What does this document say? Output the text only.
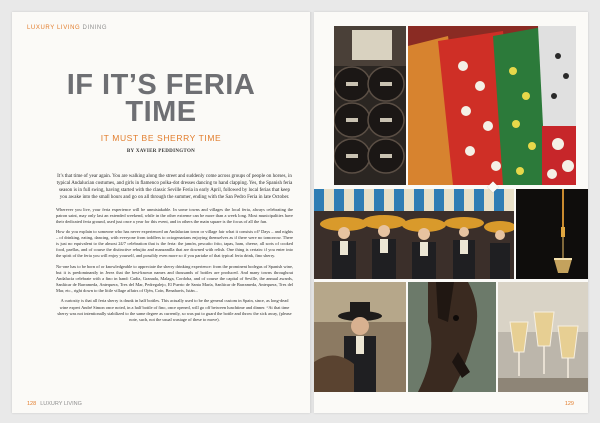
LUXURY LIVING DINING
IF IT’S FERIA
TIME
IT MUST BE SHERRY TIME
BY XAVIER PEDDINGTON

It’s that time of year again. You are walking along the street and suddenly come across groups of people on horses, in typical Andalucian costumes, and girls in flamenco polka-dot dresses dancing to hand clapping. Yes, the Spanish feria season is in full swing, having started with the classic Seville Feria in early April, followed by local ferias that keep you awake into the small hours and go on all through the summer, ending with the San Pedro Feria in late October.

Wherever you live, your feria experience will be unmistakable. In some towns and villages the local feria, always celebrating the patron saint, may only last an extended weekend, while in the other extreme can be more than a week long. Most municipalities have their dedicated feria ground, used just once a year for this event, and in others the main square is the focus of all the fun.

How do you explain to someone who has never experienced an Andalucian town or village fair what it consists of? Days – and nights – of drinking, eating, dancing, with everyone from toddlers to octogenarians enjoying themselves as if there were no tomorrow. There is just no equivalent to the almost 24/7 celebration that is the feria: the jamón, pescaíto frito, tapas, ham, cheese, all sorts of cooked food, paellas, and of course the distinctive rebujito and manzanilla that are downed with relish. One thing is certain: if you enter into the spirit of the feria you will enjoy yourself, and possibly even more so if you partake of that typical feria drink, fino sherry.

No-one has to be born of or knowledgeable to appreciate the sherry drinking experience: from the prominent bodegas of Spanish wine, but it is predominantly in Jerez that the best-known names and thousands of bottles are produced. And many towns throughout Andalucía celebrate with a fino in hand: Cadiz, Granada, Malaga, Cordoba, and of course the capital of Seville, the annual awards, Sanlúcar de Barrameda, Antequera, Tres del Mar, Pedregalejo, El Puerto de Santa María, Sanlúcar de Barrameda, Antequera, Tres del Mar, etc., right down to the little village affairs of Ojén, Coín, Benahavís, Istán...

A curiosity is that all feria sherry is drunk in half bottles. This actually used to be the general custom in Spain, since, as long-dead wine expert André Simon once noted, in a half bottle of fino, once opened, will go off between lunchtime and dinner. “At that time sherry was not intentionally stabilized to the same degree as currently, so was put to guard the bottle and throw the sick away, (please note, such, not the usual wastage of these to move).

128 LUXURY LIVING	129
